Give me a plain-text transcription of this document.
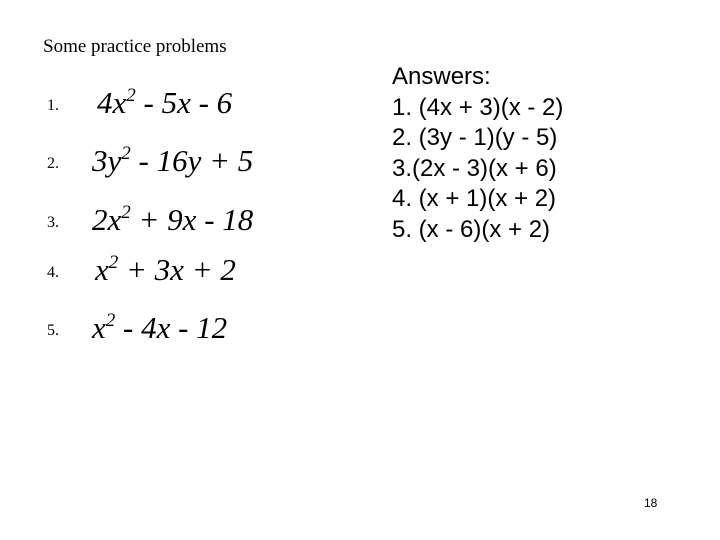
Some practice problems
1. $4x^2 - 5x - 6$
2. $3y^2 - 16y + 5$
3. $2x^2 + 9x - 18$
4. $x^2 + 3x + 2$
5. $x^2 - 4x - 12$
Answers:
1. (4x + 3)(x - 2)
2. (3y - 1)(y - 5)
3.(2x - 3)(x + 6)
4. (x + 1)(x + 2)
5. (x - 6)(x + 2)
18
